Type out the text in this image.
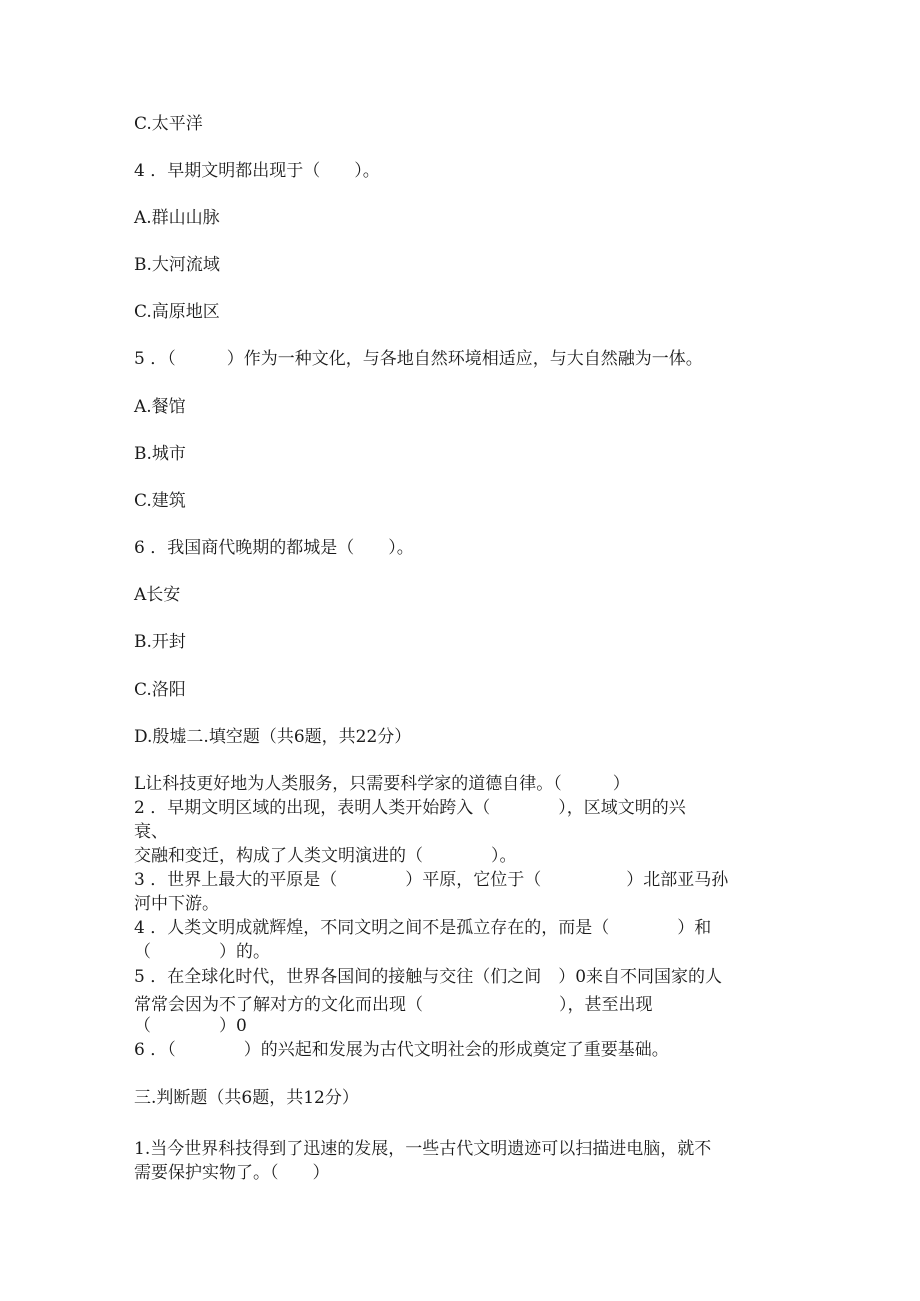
C.太平洋

4 ．早期文明都出现于（　　）。

A.群山山脉

B.大河流域

C.高原地区

5 ．（　　　）作为一种文化，与各地自然环境相适应，与大自然融为一体。

A.餐馆

B.城市

C.建筑

6 ．我国商代晚期的都城是（　　）。

A长安

B.开封

C.洛阳

D.殷墟二.填空题（共6题，共22分）

L让科技更好地为人类服务，只需要科学家的道德自律。（　　　）

2 ．早期文明区域的出现，表明人类开始跨入（　　　　），区域文明的兴

衰、

交融和变迁，构成了人类文明演进的（　　　　）。

3 ．世界上最大的平原是（　　　　）平原，它位于（　　　　　）北部亚马孙

河中下游。

4 ．人类文明成就辉煌，不同文明之间不是孤立存在的，而是（　　　　）和

（　　　　）的。

5 ．在全球化时代，世界各国间的接触与交往（们之间　）0来自不同国家的人

常常会因为不了解对方的文化而出现（　　　　　　　　），甚至出现

（　　　　）0

6 ．（　　　　）的兴起和发展为古代文明社会的形成奠定了重要基础。

三.判断题（共6题，共12分）

1.当今世界科技得到了迅速的发展，一些古代文明遗迹可以扫描进电脑，就不

需要保护实物了。（　　）
